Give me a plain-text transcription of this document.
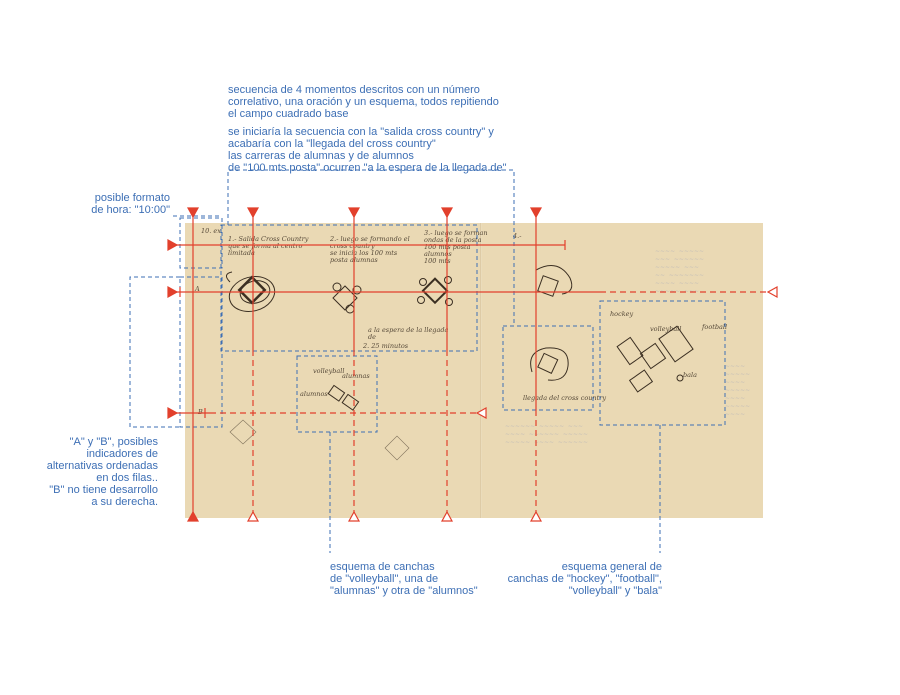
~~~~  ~~~~~
~~~  ~~~~~~
~~~~~  ~~~
~~  ~~~~~~~
~~~~  ~~~~
~~~~~  ~~~
~~~~
~~~~~
~~~~
~~~~~
~~~~
~~~~~
~~~~
~~~~~~  ~~~~~  ~~~
~~~~  ~~~~~~  ~~~~~
~~~~~  ~~~~  ~~~~~~
10. ex
1.- Salida Cross Country
que se forma al centro
limitada
2.- luego se formando el
cross country
se inicia los 100 mts
posta alumnas
3.- luego se forman
ondas de la posta
100 mts posta
alumnos
100 mts
4.-
a la espera de la llegada
de
2. 25 minutos
volleyball
alumnas
alumnos	llegada del cross country
hockey
volleyball	football
bala
A
B
secuencia de 4 momentos descritos con un número
correlativo, una oración y un esquema, todos repitiendo
el campo cuadrado base
se iniciaría la secuencia con la "salida cross country" y
acabaría con la "llegada del cross country"
las carreras de alumnas y de alumnos
de "100 mts posta" ocurren "a la espera de la llegada de"
posible formato
de hora: "10:00"
"A" y "B", posibles
indicadores de
alternativas ordenadas
en dos filas..
"B" no tiene desarrollo
a su derecha.
esquema de canchas
de "volleyball", una de
"alumnas" y otra de "alumnos"
esquema general de
canchas de "hockey", "football",
"volleyball" y "bala"
